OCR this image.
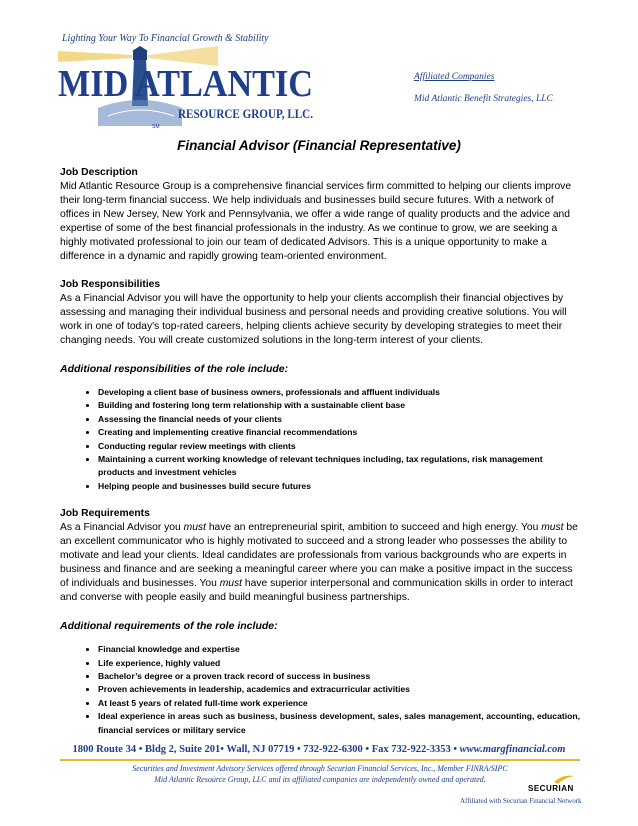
Lighting Your Way To Financial Growth & Stability
MID ATLANTIC
RESOURCE GROUP, LLC.
SM
Affiliated Companies
Mid Atlantic Benefit Strategies, LLC
Financial Advisor (Financial Representative)
Job Description

Mid Atlantic Resource Group is a comprehensive financial services firm committed to helping our clients improve their long-term financial success. We help individuals and businesses build secure futures. With a network of offices in New Jersey, New York and Pennsylvania, we offer a wide range of quality products and the advice and expertise of some of the best financial professionals in the industry. As we continue to grow, we are seeking a highly motivated professional to join our team of dedicated Advisors. This is a unique opportunity to make a difference in a dynamic and rapidly growing team-oriented environment.

Job Responsibilities

As a Financial Advisor you will have the opportunity to help your clients accomplish their financial objectives by assessing and managing their individual business and personal needs and providing creative solutions. You will work in one of today's top-rated careers, helping clients achieve security by developing strategies to meet their changing needs. You will create customized solutions in the long-term interest of your clients.

Additional responsibilities of the role include:

• Developing a client base of business owners, professionals and affluent individuals
• Building and fostering long term relationship with a sustainable client base
• Assessing the financial needs of your clients
• Creating and implementing creative financial recommendations
• Conducting regular review meetings with clients
• Maintaining a current working knowledge of relevant techniques including, tax regulations, risk management products and investment vehicles
• Helping people and businesses build secure futures
Job Requirements

As a Financial Advisor you must have an entrepreneurial spirit, ambition to succeed and high energy. You must be an excellent communicator who is highly motivated to succeed and a strong leader who possesses the ability to motivate and lead your clients. Ideal candidates are professionals from various backgrounds who are experts in business and finance and are seeking a meaningful career where you can make a positive impact in the success of individuals and businesses. You must have superior interpersonal and communication skills in order to interact and converse with people easily and build meaningful business partnerships.

Additional requirements of the role include:

• Financial knowledge and expertise
• Life experience, highly valued
• Bachelor’s degree or a proven track record of success in business
• Proven achievements in leadership, academics and extracurricular activities
• At least 5 years of related full-time work experience
• Ideal experience in areas such as business, business development, sales, sales management, accounting, education, financial services or military service
1800 Route 34 • Bldg 2, Suite 201• Wall, NJ 07719 • 732-922-6300 • Fax 732-922-3353 • www.margfinancial.com
Securities and Investment Advisory Services offered through Securian Financial Services, Inc., Member FINRA/SIPC
Mid Atlantic Resource Group, LLC and its affiliated companies are independently owned and operated.
SECURIAN
Affiliated with Securian Financial Network
